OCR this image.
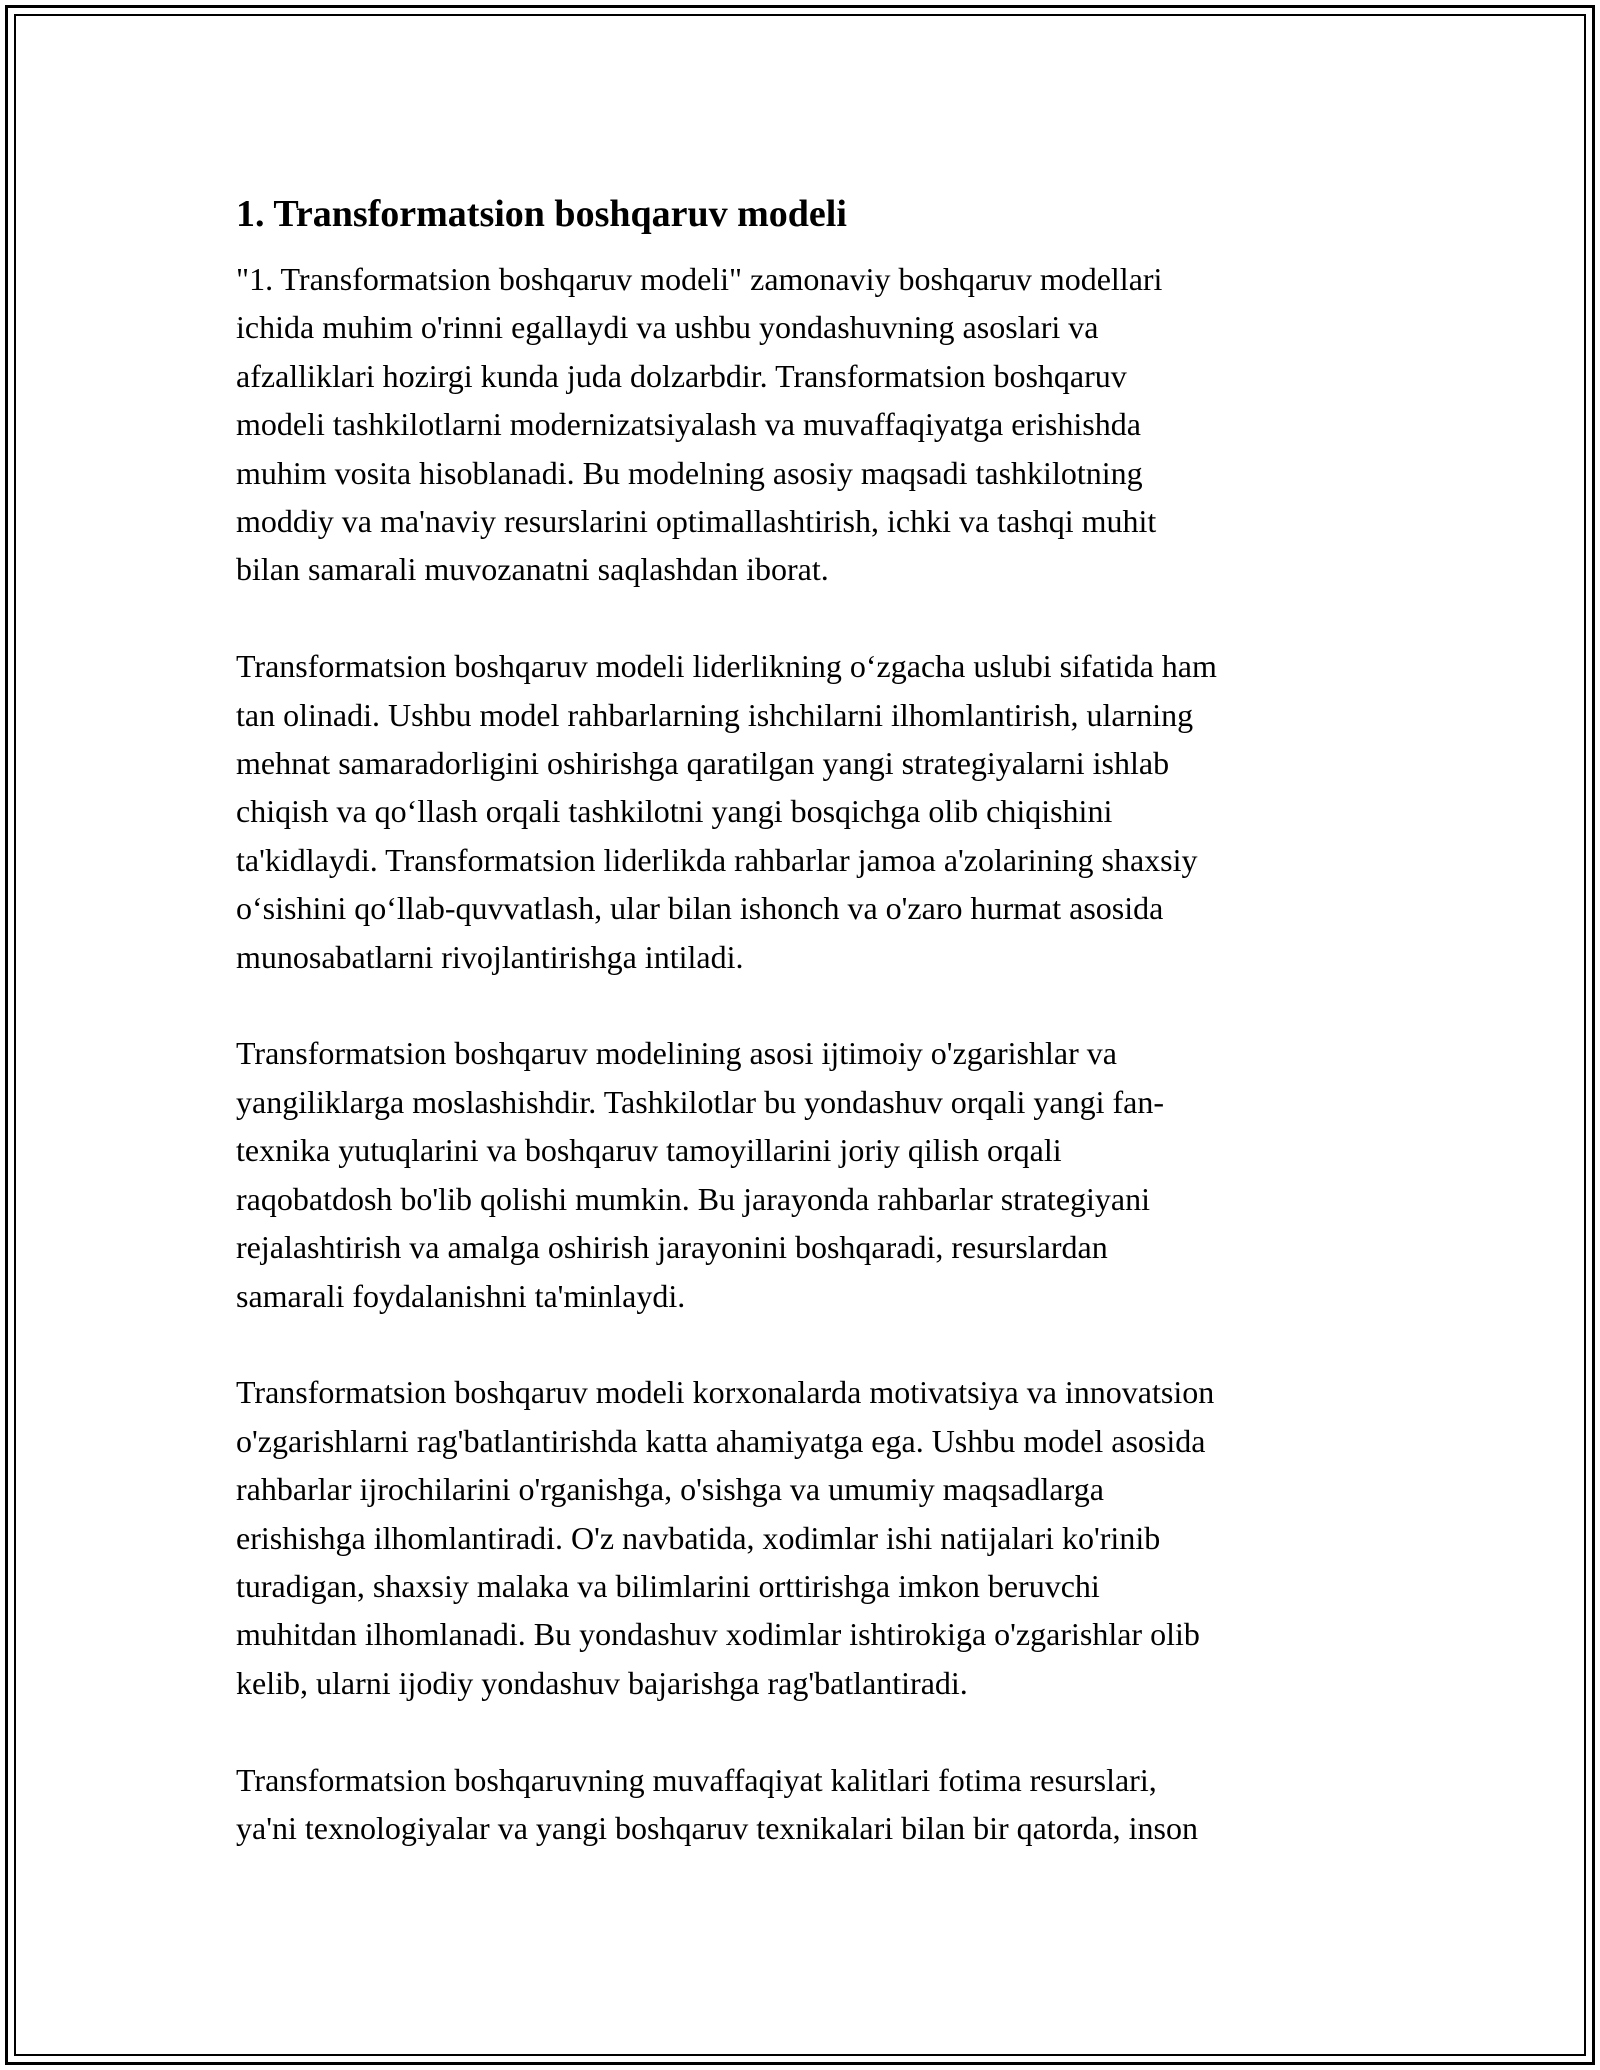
1. Transformatsion boshqaruv modeli

"1. Transformatsion boshqaruv modeli" zamonaviy boshqaruv modellari
ichida muhim o'rinni egallaydi va ushbu yondashuvning asoslari va
afzalliklari hozirgi kunda juda dolzarbdir. Transformatsion boshqaruv
modeli tashkilotlarni modernizatsiyalash va muvaffaqiyatga erishishda
muhim vosita hisoblanadi. Bu modelning asosiy maqsadi tashkilotning
moddiy va ma'naviy resurslarini optimallashtirish, ichki va tashqi muhit
bilan samarali muvozanatni saqlashdan iborat.

Transformatsion boshqaruv modeli liderlikning o‘zgacha uslubi sifatida ham
tan olinadi. Ushbu model rahbarlarning ishchilarni ilhomlantirish, ularning
mehnat samaradorligini oshirishga qaratilgan yangi strategiyalarni ishlab
chiqish va qo‘llash orqali tashkilotni yangi bosqichga olib chiqishini
ta'kidlaydi. Transformatsion liderlikda rahbarlar jamoa a'zolarining shaxsiy
o‘sishini qo‘llab-quvvatlash, ular bilan ishonch va o'zaro hurmat asosida
munosabatlarni rivojlantirishga intiladi.

Transformatsion boshqaruv modelining asosi ijtimoiy o'zgarishlar va
yangiliklarga moslashishdir. Tashkilotlar bu yondashuv orqali yangi fan-
texnika yutuqlarini va boshqaruv tamoyillarini joriy qilish orqali
raqobatdosh bo'lib qolishi mumkin. Bu jarayonda rahbarlar strategiyani
rejalashtirish va amalga oshirish jarayonini boshqaradi, resurslardan
samarali foydalanishni ta'minlaydi.

Transformatsion boshqaruv modeli korxonalarda motivatsiya va innovatsion
o'zgarishlarni rag'batlantirishda katta ahamiyatga ega. Ushbu model asosida
rahbarlar ijrochilarini o'rganishga, o'sishga va umumiy maqsadlarga
erishishga ilhomlantiradi. O'z navbatida, xodimlar ishi natijalari ko'rinib
turadigan, shaxsiy malaka va bilimlarini orttirishga imkon beruvchi
muhitdan ilhomlanadi. Bu yondashuv xodimlar ishtirokiga o'zgarishlar olib
kelib, ularni ijodiy yondashuv bajarishga rag'batlantiradi.

Transformatsion boshqaruvning muvaffaqiyat kalitlari fotima resurslari,
ya'ni texnologiyalar va yangi boshqaruv texnikalari bilan bir qatorda, inson
